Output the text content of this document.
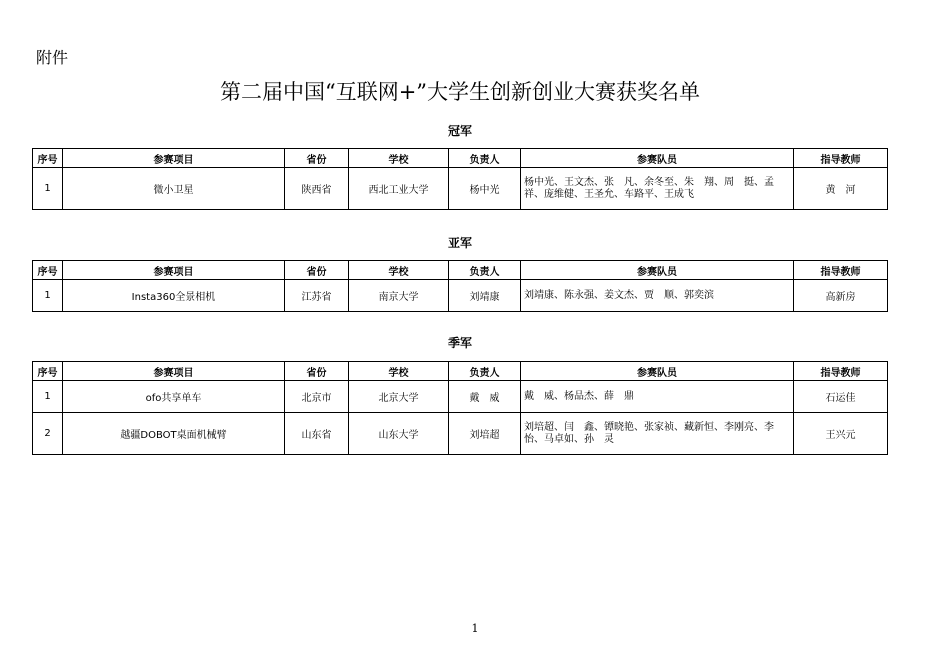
附件
第二届中国“互联网+”大学生创新创业大赛获奖名单
冠军
序号	参赛项目	省份	学校	负责人	参赛队员	指导教师
1	微小卫星	陕西省	西北工业大学	杨中光	杨中光、王文杰、张　凡、余冬至、朱　翔、周　挺、孟　祥、庞维健、王圣允、车路平、王成飞	黄　河
亚军
序号	参赛项目	省份	学校	负责人	参赛队员	指导教师
1	Insta360全景相机	江苏省	南京大学	刘靖康	刘靖康、陈永强、姜文杰、贾　顺、郭奕滨	高新房
季军
序号	参赛项目	省份	学校	负责人	参赛队员	指导教师
1	ofo共享单车	北京市	北京大学	戴　威	戴　威、杨品杰、薛　鼎	石运佳
2	越疆DOBOT桌面机械臂	山东省	山东大学	刘培超	刘培超、闫　鑫、镡晓艳、张家祯、藏新恒、李刚亮、李　怡、马卓如、孙　灵	王兴元
1
